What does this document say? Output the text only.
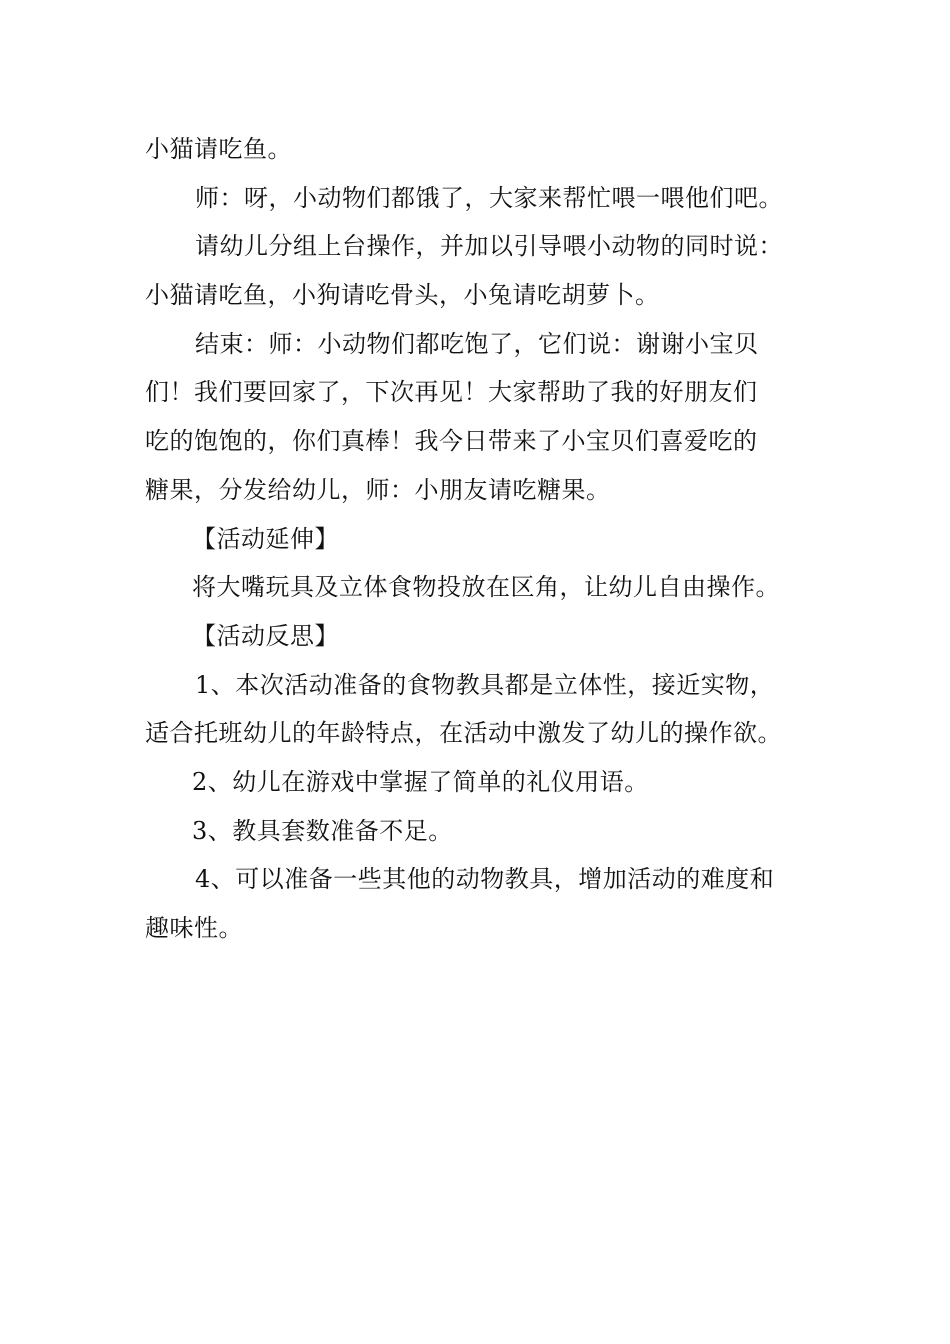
小猫请吃鱼。
师：呀，小动物们都饿了，大家来帮忙喂一喂他们吧。
请幼儿分组上台操作，并加以引导喂小动物的同时说：
小猫请吃鱼，小狗请吃骨头，小兔请吃胡萝卜。
结束：师：小动物们都吃饱了，它们说：谢谢小宝贝
们！我们要回家了，下次再见！大家帮助了我的好朋友们
吃的饱饱的，你们真棒！我今日带来了小宝贝们喜爱吃的
糖果，分发给幼儿，师：小朋友请吃糖果。
【活动延伸】
将大嘴玩具及立体食物投放在区角，让幼儿自由操作。
【活动反思】
1、本次活动准备的食物教具都是立体性，接近实物，
适合托班幼儿的年龄特点，在活动中激发了幼儿的操作欲。
2、幼儿在游戏中掌握了简单的礼仪用语。
3、教具套数准备不足。
4、可以准备一些其他的动物教具，增加活动的难度和
趣味性。
